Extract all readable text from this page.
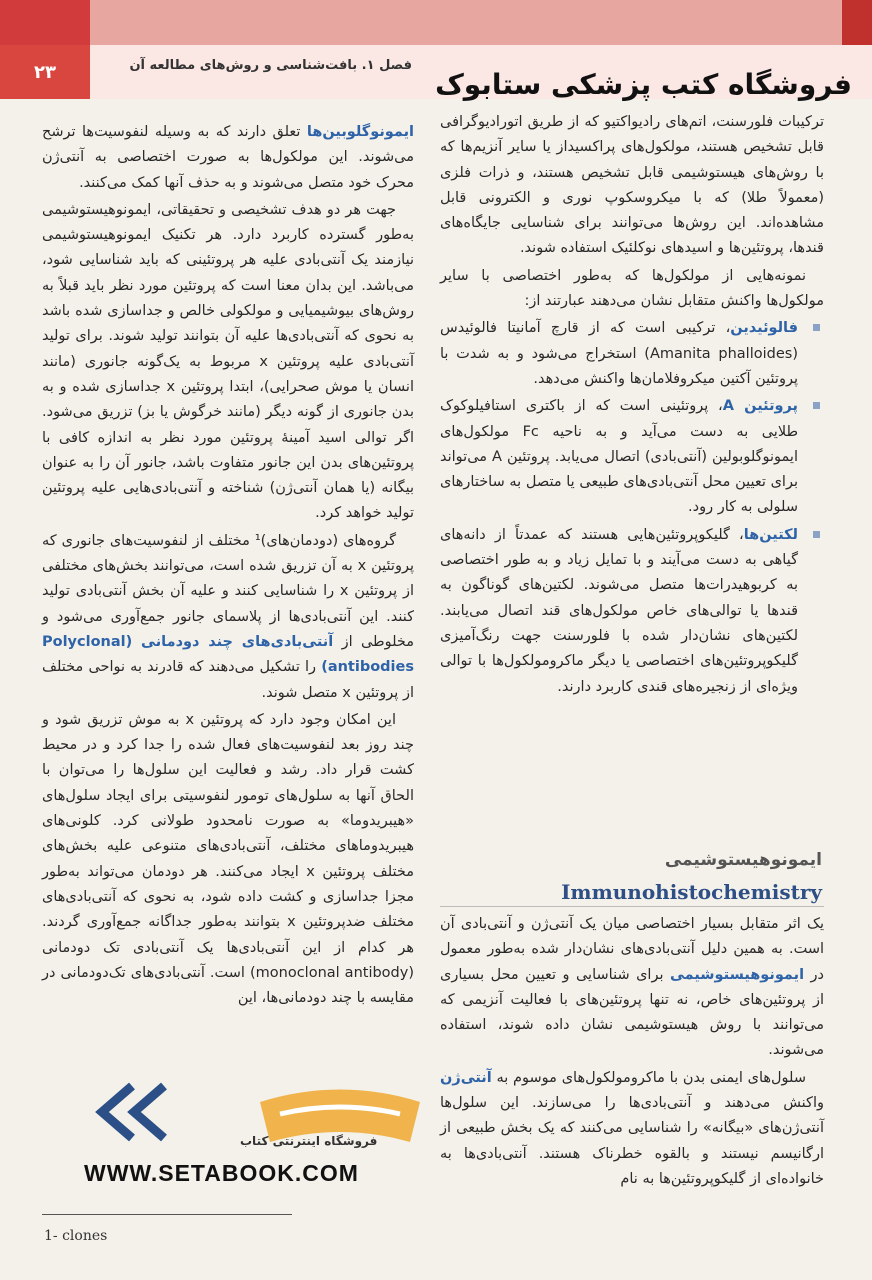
۲۳	فصل ۱. بافت‌شناسی و روش‌های مطالعه آن
فروشگاه کتب پزشکی ستابوک

ایمونوگلوبین‌ها تعلق دارند که به وسیله لنفوسیت‌ها ترشح می‌شوند. این مولکول‌ها به صورت اختصاصی به آنتی‌ژن محرک خود متصل می‌شوند و به حذف آنها کمک می‌کنند.

جهت هر دو هدف تشخیصی و تحقیقاتی، ایمونوهیستوشیمی به‌طور گسترده کاربرد دارد. هر تکنیک ایمونوهیستوشیمی نیازمند یک آنتی‌بادی علیه هر پروتئینی که باید شناسایی شود، می‌باشد. این بدان معنا است که پروتئین مورد نظر باید قبلاً به روش‌های بیوشیمیایی و مولکولی خالص و جداسازی شده باشد به نحوی که آنتی‌بادی‌ها علیه آن بتوانند تولید شوند. برای تولید آنتی‌بادی علیه پروتئین x مربوط به یک‌گونه جانوری (مانند انسان یا موش صحرایی)، ابتدا پروتئین x جداسازی شده و به بدن جانوری از گونه دیگر (مانند خرگوش یا بز) تزریق می‌شود. اگر توالی اسید آمینهٔ پروتئین مورد نظر به اندازه کافی با پروتئین‌های بدن این جانور متفاوت باشد، جانور آن را به عنوان بیگانه (یا همان آنتی‌ژن) شناخته و آنتی‌بادی‌هایی علیه پروتئین تولید خواهد کرد.

گروه‌های (دودمان‌های)¹ مختلف از لنفوسیت‌های جانوری که پروتئین x به آن تزریق شده است، می‌توانند بخش‌های مختلفی از پروتئین x را شناسایی کنند و علیه آن بخش آنتی‌بادی تولید کنند. این آنتی‌بادی‌ها از پلاسمای جانور جمع‌آوری می‌شود و مخلوطی از آنتی‌بادی‌های چند دودمانی (Polyclonal antibodies) را تشکیل می‌دهند که قادرند به نواحی مختلف از پروتئین x متصل شوند.

این امکان وجود دارد که پروتئین x به موش تزریق شود و چند روز بعد لنفوسیت‌های فعال شده را جدا کرد و در محیط کشت قرار داد. رشد و فعالیت این سلول‌ها را می‌توان با الحاق آنها به سلول‌های تومور لنفوسیتی برای ایجاد سلول‌های «هیبریدوما» به صورت نامحدود طولانی کرد. کلونی‌های هیبریدوماهای مختلف، آنتی‌بادی‌های متنوعی علیه بخش‌های مختلف پروتئین x ایجاد می‌کنند. هر دودمان می‌تواند به‌طور مجزا جداسازی و کشت داده شود، به نحوی که آنتی‌بادی‌های مختلف ضدپروتئین x بتوانند به‌طور جداگانه جمع‌آوری گردند. هر کدام از این آنتی‌بادی‌ها یک آنتی‌بادی تک دودمانی (monoclonal antibody) است. آنتی‌بادی‌های تک‌دودمانی در مقایسه با چند دودمانی‌ها، این

ترکیبات فلورسنت، اتم‌های رادیواکتیو که از طریق اتورادیوگرافی قابل تشخیص هستند، مولکول‌های پراکسیداز یا سایر آنزیم‌ها که با روش‌های هیستوشیمی قابل تشخیص هستند، و ذرات فلزی (معمولاً طلا) که با میکروسکوپ نوری و الکترونی قابل مشاهده‌اند. این روش‌ها می‌توانند برای شناسایی جایگاه‌های قندها، پروتئین‌ها و اسیدهای نوکلئیک استفاده شوند.

نمونه‌هایی از مولکول‌ها که به‌طور اختصاصی با سایر مولکول‌ها واکنش متقابل نشان می‌دهند عبارتند از:

فالوئیدین، ترکیبی است که از قارچ آمانیتا فالوئیدس (Amanita phalloides) استخراج می‌شود و به شدت با پروتئین آکتین میکروفلامان‌ها واکنش می‌دهد.
پروتئین A، پروتئینی است که از باکتری استافیلوکوک طلایی به دست می‌آید و به ناحیه Fc مولکول‌های ایمونوگلوبولین (آنتی‌بادی) اتصال می‌یابد. پروتئین A می‌تواند برای تعیین محل آنتی‌بادی‌های طبیعی یا متصل به ساختارهای سلولی به کار رود.
لکتین‌ها، گلیکوپروتئین‌هایی هستند که عمدتاً از دانه‌های گیاهی به دست می‌آیند و با تمایل زیاد و به طور اختصاصی به کربوهیدرات‌ها متصل می‌شوند. لکتین‌های گوناگون به قندها یا توالی‌های خاص مولکول‌های قند اتصال می‌یابند. لکتین‌های نشان‌دار شده با فلورسنت جهت رنگ‌آمیزی گلیکوپروتئین‌های اختصاصی یا دیگر ماکرومولکول‌ها با توالی ویژه‌ای از زنجیره‌های قندی کاربرد دارند.
ایمونوهیستوشیمی
Immunohistochemistry

یک اثر متقابل بسیار اختصاصی میان یک آنتی‌ژن و آنتی‌بادی آن است. به همین دلیل آنتی‌بادی‌های نشان‌دار شده به‌طور معمول در ایمونوهیستوشیمی برای شناسایی و تعیین محل بسیاری از پروتئین‌های خاص، نه تنها پروتئین‌های با فعالیت آنزیمی که می‌توانند با روش هیستوشیمی نشان داده شوند، استفاده می‌شوند.

سلول‌های ایمنی بدن با ماکرومولکول‌های موسوم به آنتی‌ژن واکنش می‌دهند و آنتی‌بادی‌ها را می‌سازند. این سلول‌ها آنتی‌ژن‌های «بیگانه» را شناسایی می‌کنند که یک بخش طبیعی از ارگانیسم نیستند و بالقوه خطرناک هستند. آنتی‌بادی‌ها به خانواده‌ای از گلیکوپروتئین‌ها به نام

فروشگاه اینترنتی کتاب
WWW.SETABOOK.COM
1- clones
